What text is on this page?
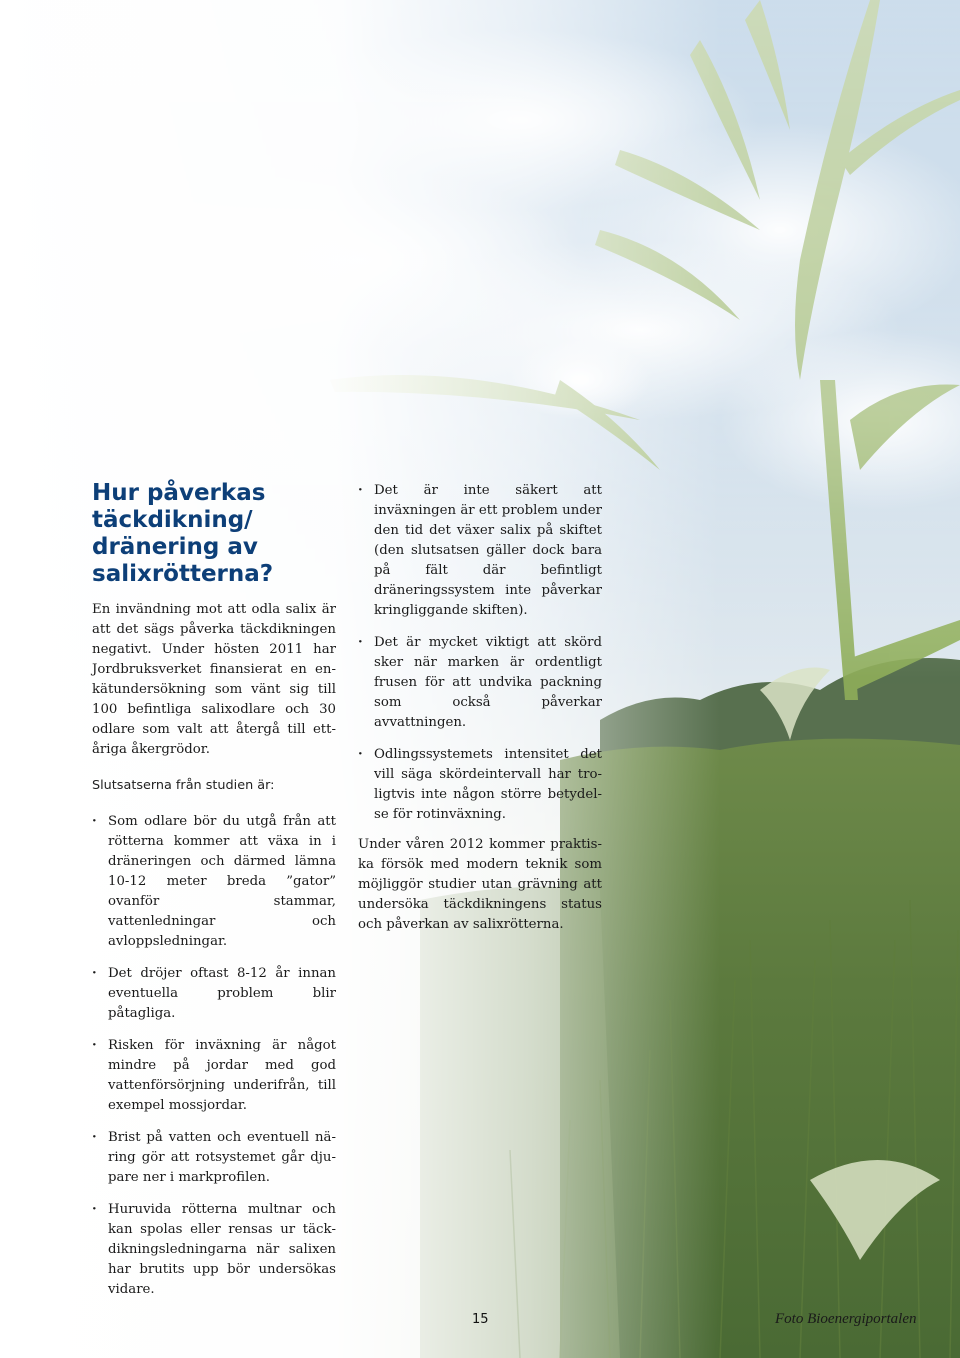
Hur påverkas täckdikning/ dränering av salixrötterna?

En invändning mot att odla salix är att det sägs påverka täckdikningen negativt. Under hösten 2011 har Jordbruksverket finansierat en enkätundersökning som vänt sig till 100 befintliga salixodlare och 30 odlare som valt att återgå till ettåriga åkergrödor.

Slutsatserna från studien är:

· Som odlare bör du utgå från att rötterna kommer att växa in i dräneringen och därmed lämna 10-12 meter breda ”gator” ovanför stammar, vattenledningar och avloppsledningar.
· Det dröjer oftast 8-12 år innan eventuella problem blir påtagliga.
· Risken för inväxning är något mindre på jordar med god vattenförsörjning underifrån, till exempel mossjordar.
· Brist på vatten och eventuell näring gör att rotsystemet går djupare ner i markprofilen.
· Huruvida rötterna multnar och kan spolas eller rensas ur täckdikningsledningarna när salixen har brutits upp bör undersökas vidare.
· Det är inte säkert att inväxningen är ett problem under den tid det växer salix på skiftet (den slutsatsen gäller dock bara på fält där befintligt dräneringssystem inte påverkar kringliggande skiften).
· Det är mycket viktigt att skörd sker när marken är ordentligt frusen för att undvika packning som också påverkar avvattningen.
· Odlingssystemets intensitet det vill säga skördeintervall har troligtvis inte någon större betydelse för rotinväxning.

Under våren 2012 kommer praktiska försök med modern teknik som möjliggör studier utan grävning att undersöka täckdikningens status och påverkan av salixrötterna.

15	Foto Bioenergiportalen
